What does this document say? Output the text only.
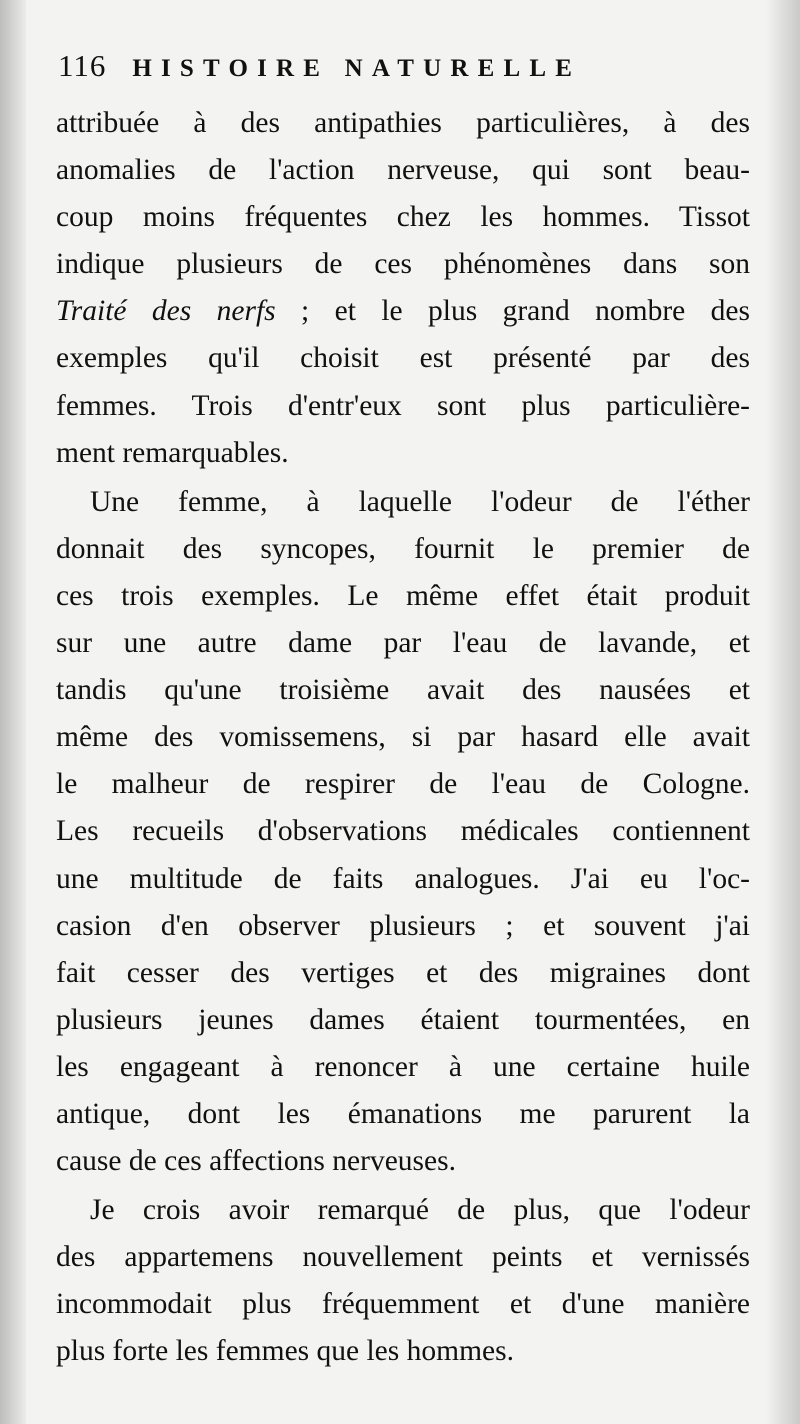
116 HISTOIRE NATURELLE
attribuée à des antipathies particulières, à des
anomalies de l'action nerveuse, qui sont beau-
coup moins fréquentes chez les hommes. Tissot
indique plusieurs de ces phénomènes dans son
Traité des nerfs ; et le plus grand nombre des
exemples qu'il choisit est présenté par des
femmes. Trois d'entr'eux sont plus particulière-
ment remarquables.
Une femme, à laquelle l'odeur de l'éther
donnait des syncopes, fournit le premier de
ces trois exemples. Le même effet était produit
sur une autre dame par l'eau de lavande, et
tandis qu'une troisième avait des nausées et
même des vomissemens, si par hasard elle avait
le malheur de respirer de l'eau de Cologne.
Les recueils d'observations médicales contiennent
une multitude de faits analogues. J'ai eu l'oc-
casion d'en observer plusieurs ; et souvent j'ai
fait cesser des vertiges et des migraines dont
plusieurs jeunes dames étaient tourmentées, en
les engageant à renoncer à une certaine huile
antique, dont les émanations me parurent la
cause de ces affections nerveuses.
Je crois avoir remarqué de plus, que l'odeur
des appartemens nouvellement peints et vernissés
incommodait plus fréquemment et d'une manière
plus forte les femmes que les hommes.
